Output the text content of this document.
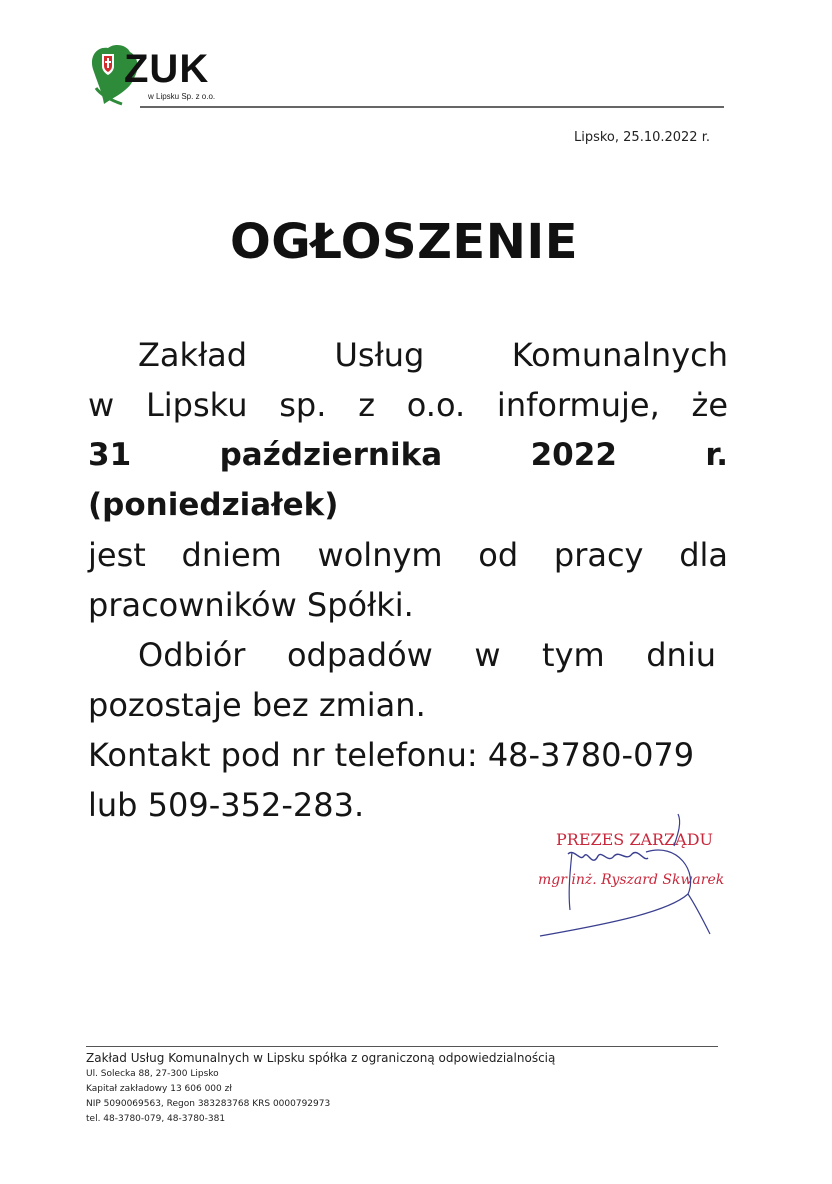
ZUK
w Lipsku Sp. z o.o.
Lipsko, 25.10.2022 r.
OGŁOSZENIE

Zakład Usług Komunalnych

w Lipsku sp. z o.o. informuje, że

31 października 2022 r. (poniedziałek)

jest dniem wolnym od pracy dla

pracowników Spółki.

Odbiór odpadów w tym dniu

pozostaje bez zmian.

Kontakt pod nr telefonu: 48-3780-079

lub 509-352-283.

PREZES ZARZĄDU
mgr inż. Ryszard Skwarek
Zakład Usług Komunalnych w Lipsku spółka z ograniczoną odpowiedzialnością
Ul. Solecka 88, 27-300 Lipsko
Kapitał zakładowy 13 606 000 zł
NIP 5090069563, Regon 383283768 KRS 0000792973
tel. 48-3780-079, 48-3780-381
